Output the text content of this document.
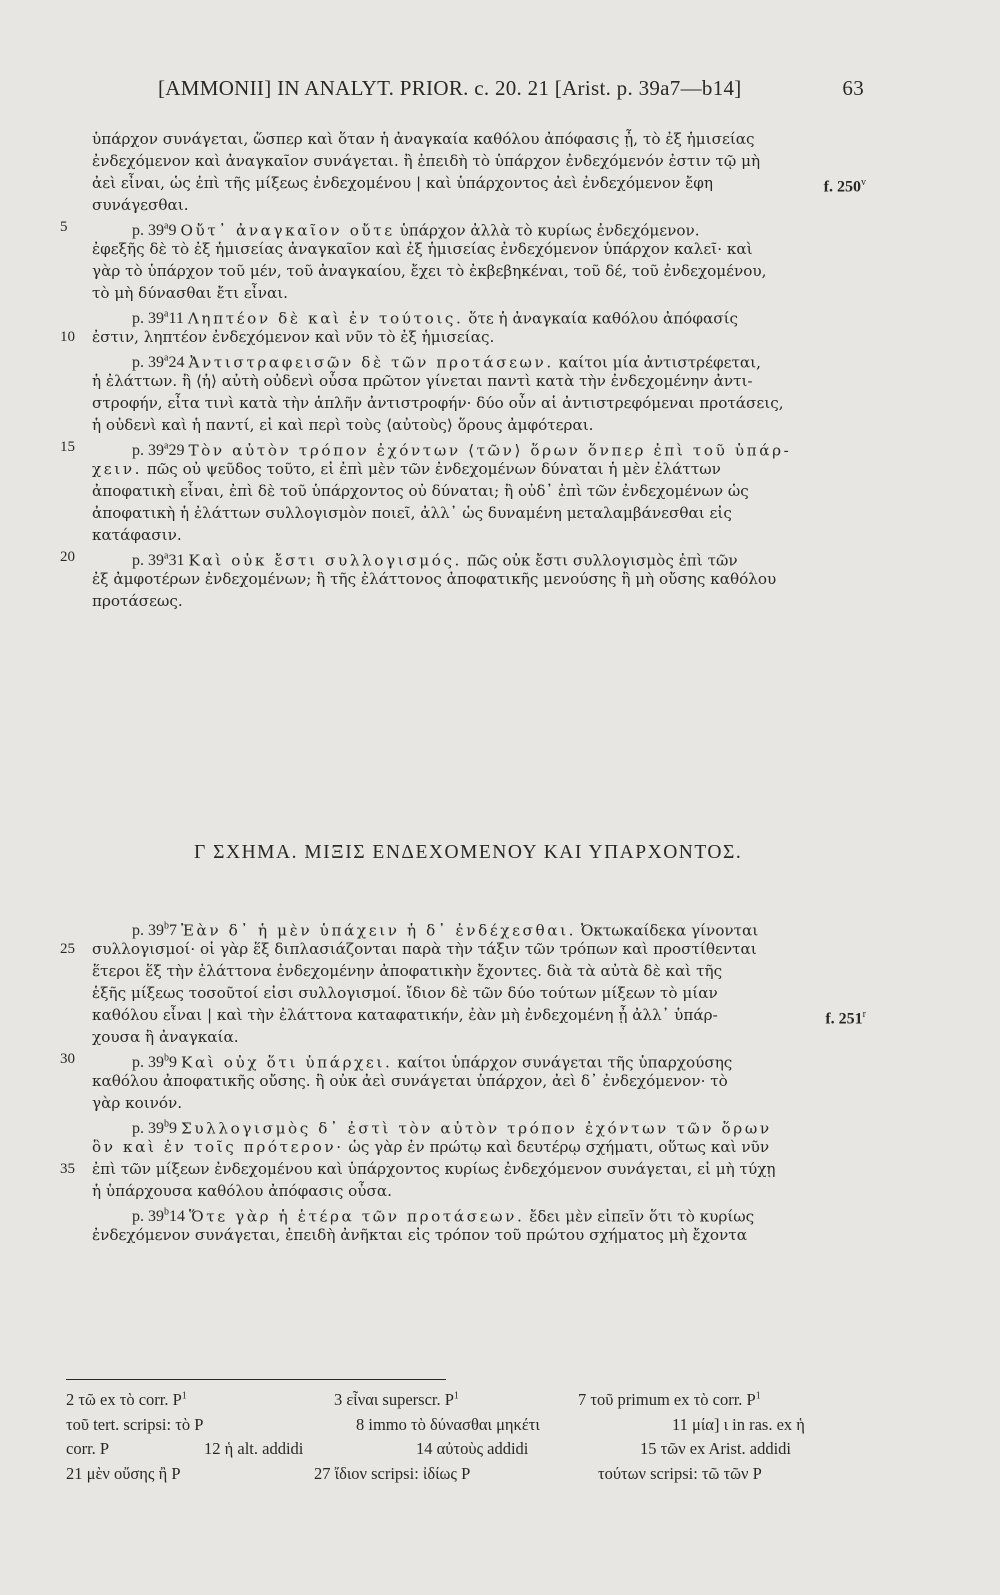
[AMMONII] IN ANALYT. PRIOR. c. 20. 21 [Arist. p. 39a7—b14]	63
ὑπάρχον συνάγεται, ὥσπερ καὶ ὅταν ἡ ἀναγκαία καθόλου ἀπόφασις ᾖ, τὸ ἐξ ἡμισείας
ἐνδεχόμενον καὶ ἀναγκαῖον συνάγεται. ἢ ἐπειδὴ τὸ ὑπάρχον ἐνδεχόμενόν ἐστιν τῷ μὴ
ἀεὶ εἶναι, ὡς ἐπὶ τῆς μίξεως ἐνδεχομένου | καὶ ὑπάρχοντος ἀεὶ ἐνδεχόμενον ἔφη	f. 250$^v$
συνάγεσθαι.
5	p. 39$^a$9 Οὔτ᾽ ἀναγκαῖον οὔτε ὑπάρχον ἀλλὰ τὸ κυρίως ἐνδεχόμενον.
ἐφεξῆς δὲ τὸ ἐξ ἡμισείας ἀναγκαῖον καὶ ἐξ ἡμισείας ἐνδεχόμενον ὑπάρχον καλεῖ· καὶ
γὰρ τὸ ὑπάρχον τοῦ μέν, τοῦ ἀναγκαίου, ἔχει τὸ ἐκβεβηκέναι, τοῦ δέ, τοῦ ἐνδεχομένου,
τὸ μὴ δύνασθαι ἔτι εἶναι.
p. 39$^a$11 Ληπτέον δὲ καὶ ἐν τούτοις. ὅτε ἡ ἀναγκαία καθόλου ἀπόφασίς
10	ἐστιν, ληπτέον ἐνδεχόμενον καὶ νῦν τὸ ἐξ ἡμισείας.
p. 39$^a$24 Ἀντιστραφεισῶν δὲ τῶν προτάσεων. καίτοι μία ἀντιστρέφεται,
ἡ ἐλάττων. ἢ ⟨ἡ⟩ αὐτὴ οὐδενὶ οὖσα πρῶτον γίνεται παντὶ κατὰ τὴν ἐνδεχομένην ἀντι-
στροφήν, εἶτα τινὶ κατὰ τὴν ἁπλῆν ἀντιστροφήν· δύο οὖν αἱ ἀντιστρεφόμεναι προτάσεις,
ἡ οὐδενὶ καὶ ἡ παντί, εἰ καὶ περὶ τοὺς ⟨αὐτοὺς⟩ ὅρους ἀμφότεραι.
15	p. 39$^a$29 Τὸν αὐτὸν τρόπον ἐχόντων ⟨τῶν⟩ ὅρων ὅνπερ ἐπὶ τοῦ ὑπάρ-
χειν. πῶς οὐ ψεῦδος τοῦτο, εἰ ἐπὶ μὲν τῶν ἐνδεχομένων δύναται ἡ μὲν ἐλάττων
ἀποφατικὴ εἶναι, ἐπὶ δὲ τοῦ ὑπάρχοντος οὐ δύναται; ἢ οὐδ᾽ ἐπὶ τῶν ἐνδεχομένων ὡς
ἀποφατικὴ ἡ ἐλάττων συλλογισμὸν ποιεῖ, ἀλλ᾽ ὡς δυναμένη μεταλαμβάνεσθαι εἰς
κατάφασιν.
20	p. 39$^a$31 Καὶ οὐκ ἔστι συλλογισμός. πῶς οὐκ ἔστι συλλογισμὸς ἐπὶ τῶν
ἐξ ἀμφοτέρων ἐνδεχομένων; ἢ τῆς ἐλάττονος ἀποφατικῆς μενούσης ἢ μὴ οὔσης καθόλου
προτάσεως.
Γ ΣΧΗΜΑ. ΜΙΞΙΣ ΕΝΔΕΧΟΜΕΝΟΥ ΚΑΙ ΥΠΑΡΧΟΝΤΟΣ.
p. 39$^b$7 Ἐὰν δ᾽ ἡ μὲν ὑπάχειν ἡ δ᾽ ἐνδέχεσθαι. Ὀκτωκαίδεκα γίνονται
25	συλλογισμοί· οἱ γὰρ ἕξ διπλασιάζονται παρὰ τὴν τάξιν τῶν τρόπων καὶ προστίθενται
ἕτεροι ἕξ τὴν ἐλάττονα ἐνδεχομένην ἀποφατικὴν ἔχοντες. διὰ τὰ αὐτὰ δὲ καὶ τῆς
ἑξῆς μίξεως τοσοῦτοί εἰσι συλλογισμοί. ἴδιον δὲ τῶν δύο τούτων μίξεων τὸ μίαν
καθόλου εἶναι | καὶ τὴν ἐλάττονα καταφατικήν, ἐὰν μὴ ἐνδεχομένη ᾖ ἀλλ᾽ ὑπάρ-	f. 251$^r$
χουσα ἢ ἀναγκαία.
30	p. 39$^b$9 Καὶ οὐχ ὅτι ὑπάρχει. καίτοι ὑπάρχον συνάγεται τῆς ὑπαρχούσης
καθόλου ἀποφατικῆς οὔσης. ἢ οὐκ ἀεὶ συνάγεται ὑπάρχον, ἀεὶ δ᾽ ἐνδεχόμενον· τὸ
γὰρ κοινόν.
p. 39$^b$9 Συλλογισμὸς δ᾽ ἐστὶ τὸν αὐτὸν τρόπον ἐχόντων τῶν ὅρων
ὃν καὶ ἐν τοῖς πρότερον· ὡς γὰρ ἐν πρώτῳ καὶ δευτέρῳ σχήματι, οὕτως καὶ νῦν
35	ἐπὶ τῶν μίξεων ἐνδεχομένου καὶ ὑπάρχοντος κυρίως ἐνδεχόμενον συνάγεται, εἰ μὴ τύχῃ
ἡ ὑπάρχουσα καθόλου ἀπόφασις οὖσα.
p. 39$^b$14 Ὅτε γὰρ ἡ ἑτέρα τῶν προτάσεων. ἔδει μὲν εἰπεῖν ὅτι τὸ κυρίως
ἐνδεχόμενον συνάγεται, ἐπειδὴ ἀνῆκται εἰς τρόπον τοῦ πρώτου σχήματος μὴ ἔχοντα
2 τῶ ex τὸ corr. $P^1$	3 εἶναι superscr. $P^1$	7 τοῦ primum ex τὸ corr. $P^1$
τοῦ tert. scripsi: τὸ P	8 immo τὸ δύνασθαι μηκέτι	11 μία] ι in ras. ex ἡ
corr. P	12 ἡ alt. addidi	14 αὐτοὺς addidi	15 τῶν ex Arist. addidi
21 μὲν οὔσης ἢ P	27 ἴδιον scripsi: ἰδίως P	τούτων scripsi: τῶ τῶν P
